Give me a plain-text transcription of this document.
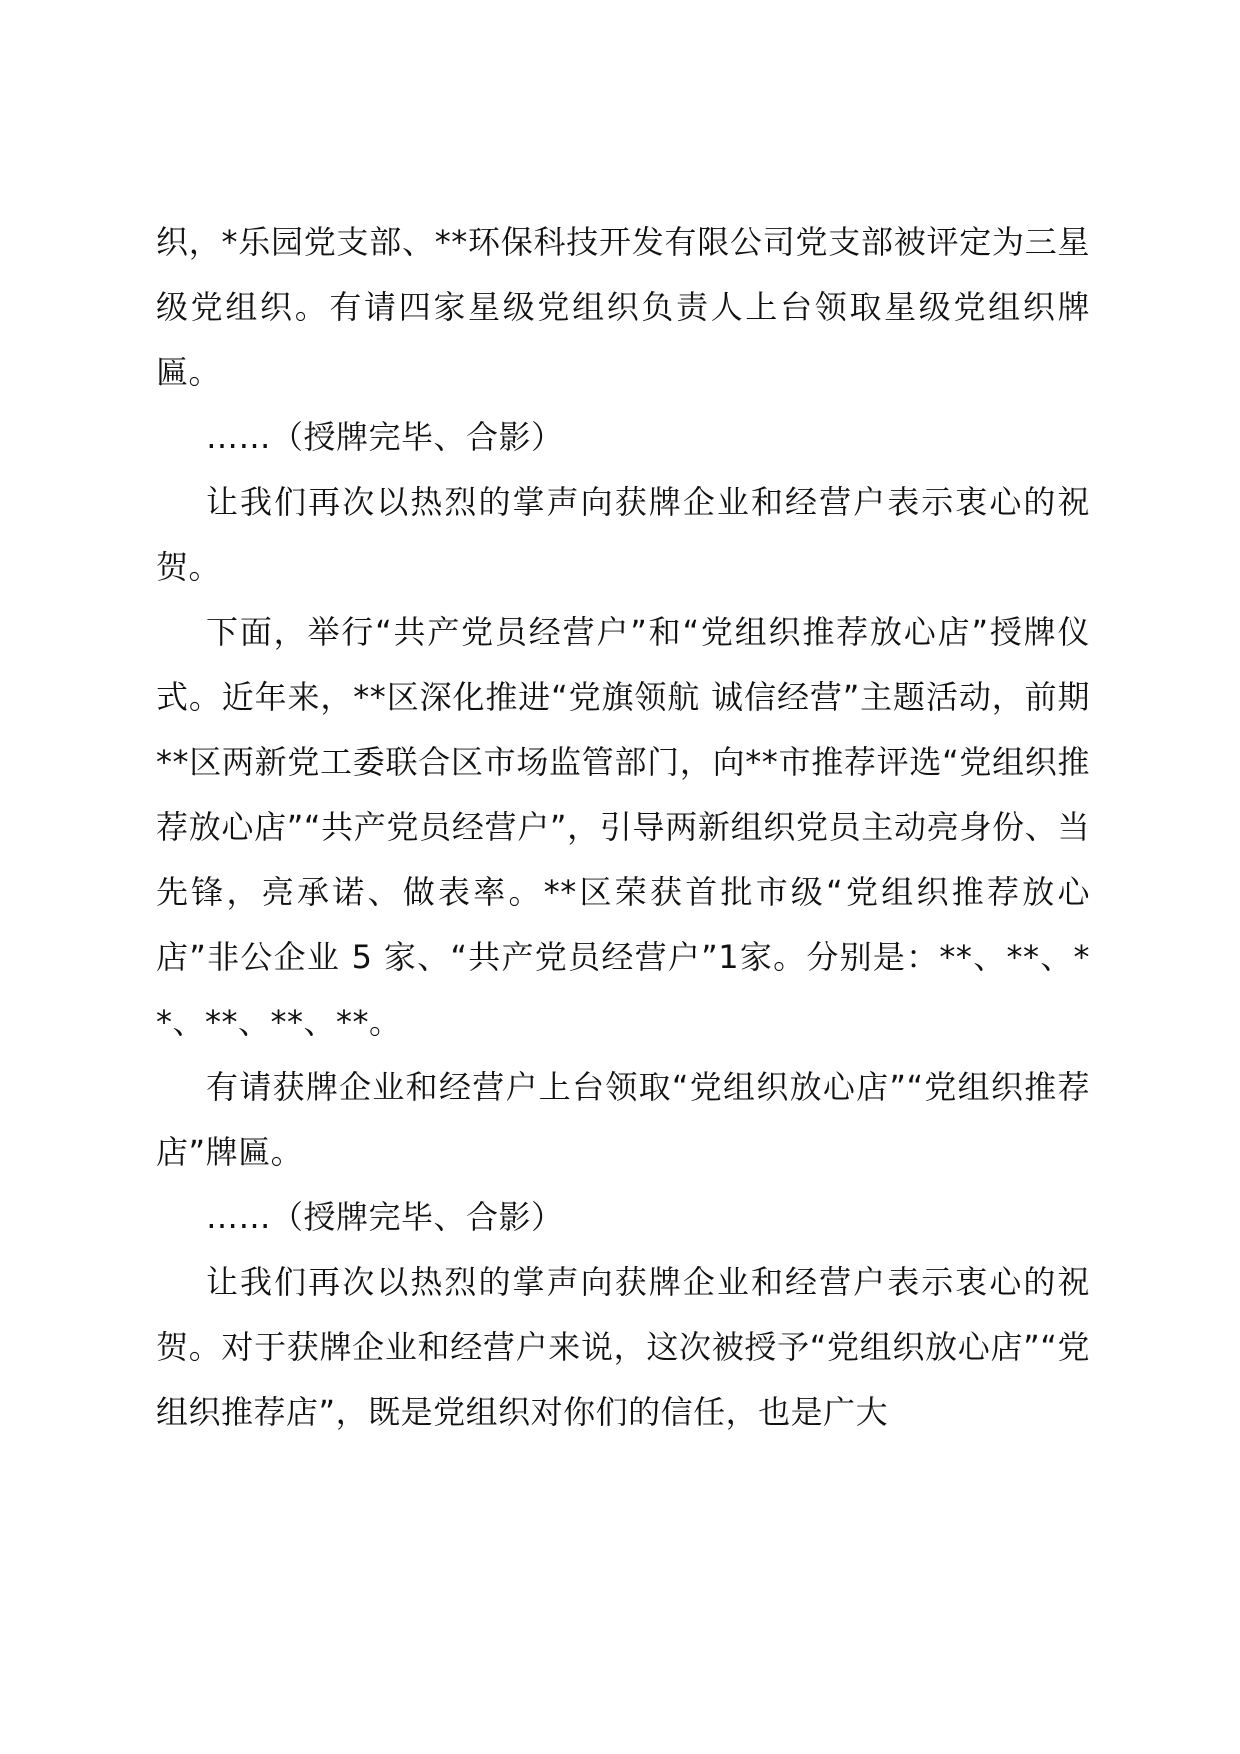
织，*乐园党支部、**环保科技开发有限公司党支部被评定为三星级党组织。有请四家星级党组织负责人上台领取星级党组织牌匾。

……（授牌完毕、合影）

让我们再次以热烈的掌声向获牌企业和经营户表示衷心的祝贺。

下面，举行“共产党员经营户”和“党组织推荐放心店”授牌仪式。近年来，**区深化推进“党旗领航 诚信经营”主题活动，前期**区两新党工委联合区市场监管部门，向**市推荐评选“党组织推荐放心店”“共产党员经营户”，引导两新组织党员主动亮身份、当先锋，亮承诺、做表率。**区荣获首批市级“党组织推荐放心店”非公企业 5 家、“共产党员经营户”1家。分别是：**、**、**、**、**、**。

有请获牌企业和经营户上台领取“党组织放心店”“党组织推荐店”牌匾。

……（授牌完毕、合影）

让我们再次以热烈的掌声向获牌企业和经营户表示衷心的祝贺。对于获牌企业和经营户来说，这次被授予“党组织放心店”“党组织推荐店”，既是党组织对你们的信任，也是广大
